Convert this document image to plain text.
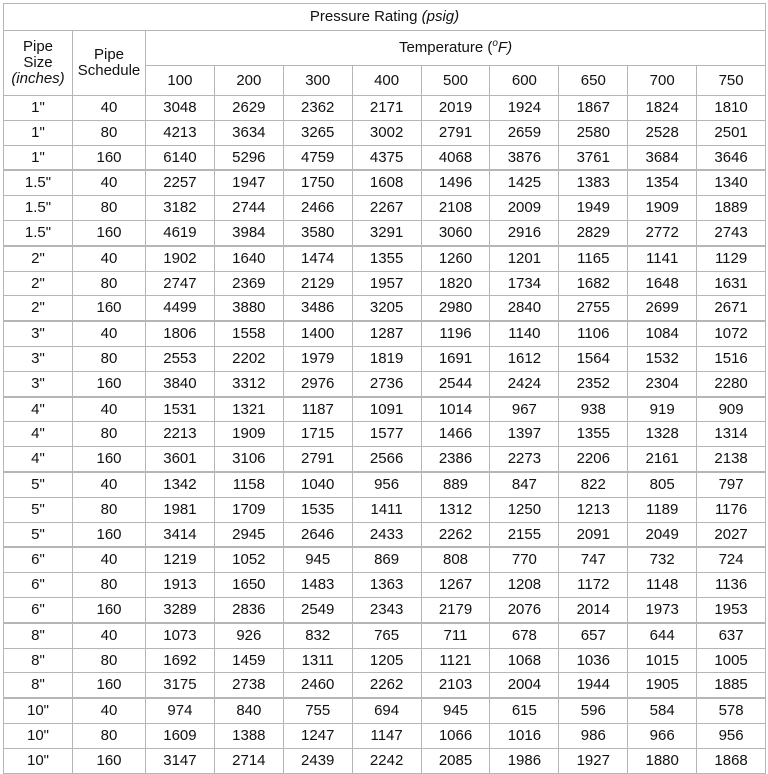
Pressure Rating (psig)										

Pipe
Size
(inches)	Pipe
Schedule	Temperature ($^o$F)								
		100	200	300	400	500	600	650	700	750
1"	40	3048	2629	2362	2171	2019	1924	1867	1824	1810
1"	80	4213	3634	3265	3002	2791	2659	2580	2528	2501
1"	160	6140	5296	4759	4375	4068	3876	3761	3684	3646
1.5"	40	2257	1947	1750	1608	1496	1425	1383	1354	1340
1.5"	80	3182	2744	2466	2267	2108	2009	1949	1909	1889
1.5"	160	4619	3984	3580	3291	3060	2916	2829	2772	2743
2"	40	1902	1640	1474	1355	1260	1201	1165	1141	1129
2"	80	2747	2369	2129	1957	1820	1734	1682	1648	1631
2"	160	4499	3880	3486	3205	2980	2840	2755	2699	2671
3"	40	1806	1558	1400	1287	1196	1140	1106	1084	1072
3"	80	2553	2202	1979	1819	1691	1612	1564	1532	1516
3"	160	3840	3312	2976	2736	2544	2424	2352	2304	2280
4"	40	1531	1321	1187	1091	1014	967	938	919	909
4"	80	2213	1909	1715	1577	1466	1397	1355	1328	1314
4"	160	3601	3106	2791	2566	2386	2273	2206	2161	2138
5"	40	1342	1158	1040	956	889	847	822	805	797
5"	80	1981	1709	1535	1411	1312	1250	1213	1189	1176
5"	160	3414	2945	2646	2433	2262	2155	2091	2049	2027
6"	40	1219	1052	945	869	808	770	747	732	724
6"	80	1913	1650	1483	1363	1267	1208	1172	1148	1136
6"	160	3289	2836	2549	2343	2179	2076	2014	1973	1953
8"	40	1073	926	832	765	711	678	657	644	637
8"	80	1692	1459	1311	1205	1121	1068	1036	1015	1005
8"	160	3175	2738	2460	2262	2103	2004	1944	1905	1885
10"	40	974	840	755	694	945	615	596	584	578
10"	80	1609	1388	1247	1147	1066	1016	986	966	956
10"	160	3147	2714	2439	2242	2085	1986	1927	1880	1868
